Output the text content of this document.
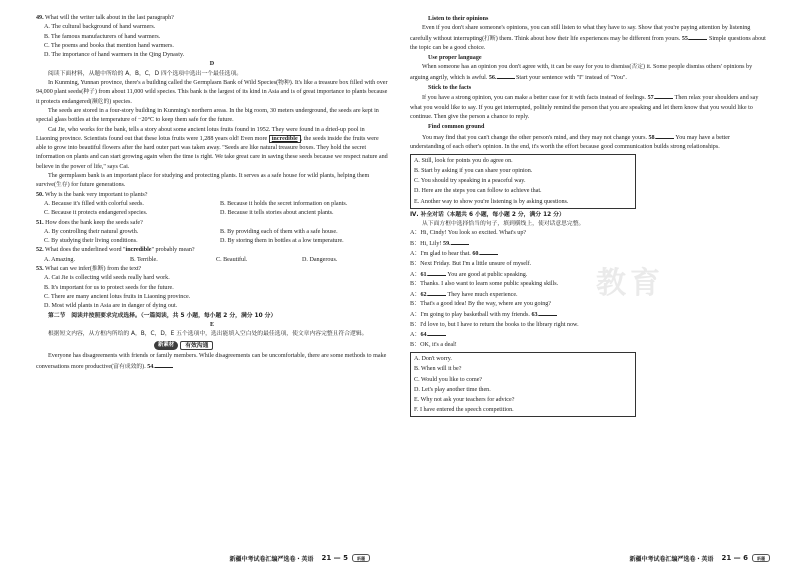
49. What will the writer talk about in the last paragraph?

A. The cultural background of hand warmers.

B. The famous manufacturers of hand warmers.

C. The poems and books that mention hand warmers.

D. The importance of hand warmers in the Qing Dynasty.

D

阅读下面材料，从题中所给的 A，B，C，D 四个选项中选出一个最佳选项。

In Kunming, Yunnan province, there's a building called the Germplasm Bank of Wild Species(物种). It's like a treasure box filled with over 94,000 plant seeds(种子) from about 11,000 wild species. This bank is the largest of its kind in Asia and is of great importance to plants because it protects endangered(濒危的) species.

The seeds are stored in a four-story building in Kunming's northern areas. In the big room, 30 meters underground, the seeds are kept in special glass bottles at the temperature of −20°C to keep them safe for the future.

Cai Jie, who works for the bank, tells a story about some ancient lotus fruits found in 1952. They were found in a dried-up pool in Liaoning province. Scientists found out that these lotus fruits were 1,288 years old! Even more incredible , the seeds inside the fruits were able to grow into beautiful flowers after the hard outer part was taken away. "Seeds are like natural treasure boxes. They hold the secret information on plants and can start growing again when the time is right. We take great care in saving these seeds because we respect nature and believe in the power of life," says Cai.

The germplasm bank is an important place for studying and protecting plants. It serves as a safe house for wild plants, helping them survive(生存) for future generations.

50. Why is the bank very important to plants?

A. Because it's filled with colorful seeds.	B. Because it holds the secret information on plants.
C. Because it protects endangered species.	D. Because it tells stories about ancient plants.

51. How does the bank keep the seeds safe?

A. By controlling their natural growth.	B. By providing each of them with a safe house.
C. By studying their living conditions.	D. By storing them in bottles at a low temperature.

52. What does the underlined word "incredible" probably mean?

A. Amazing.	B. Terrible.	C. Beautiful.	D. Dangerous.

53. What can we infer(推断) from the text?

A. Cai Jie is collecting wild seeds really hard work.

B. It's important for us to protect seeds for the future.

C. There are many ancient lotus fruits in Liaoning province.

D. Most wild plants in Asia are in danger of dying out.

第二节　阅读并按照要求完成选择。（一篇阅读，共 5 小题，每小题 2 分，满分 10 分）

E

根据短文内容，从方框内所给的 A，B，C，D，E 五个选项中，选出能填入空白处的最佳选项，使文章内容完整且符合逻辑。

新素材	有效沟通

Everyone has disagreements with friends or family members. While disagreements can be uncomfortable, there are some methods to make conversations more productive(富有成效的). 54.

新疆中考试卷汇编严选卷・英语 21 — 5	新疆
教育

Listen to their opinions

Even if you don't share someone's opinions, you can still listen to what they have to say. Show that you're paying attention by listening carefully without interrupting(打断) them. Think about how their life experiences may be different from yours. 55.	Simple questions about the topic can be a good choice.

Use proper language

When someone has an opinion you don't agree with, it can be easy for you to dismiss(否定) it. Some people dismiss others' opinions by arguing angrily, which is awful. 56.	Start your sentence with "I" instead of "You".

Stick to the facts

If you have a strong opinion, you can make a better case for it with facts instead of feelings. 57.	Then relax your shoulders and say what you would like to say. If you get interrupted, politely remind the person that you are speaking and let them know that you would like to continue. Then give the person a chance to reply.

Find common ground

You may find that you can't change the other person's mind, and they may not change yours. 58.	You may have a better understanding of each other's opinion. In the end, it's worth the effort because good communication builds strong relationships.

A. Still, look for points you do agree on.

B. Start by asking if you can share your opinion.

C. You should try speaking in a peaceful way.

D. Here are the steps you can follow to achieve that.

E. Another way to show you're listening is by asking questions.

Ⅳ. 补全对话（本题共 6 小题，每小题 2 分，满分 12 分）

从下面方框中选择恰当的句子，填到横线上，使对话意思完整。

A：Hi, Cindy! You look so excited. What's up?

B：Hi, Lily! 59.

A：I'm glad to hear that. 60.

B：Next Friday. But I'm a little unsure of myself.

A：61.	You are good at public speaking.

B：Thanks. I also want to learn some public speaking skills.

A：62.	They have much experience.

B：That's a good idea! By the way, where are you going?

A：I'm going to play basketball with my friends. 63.

B：I'd love to, but I have to return the books to the library right now.

A：64.

B：OK, it's a deal!

A. Don't worry.

B. When will it be?

C. Would you like to come?

D. Let's play another time then.

E. Why not ask your teachers for advice?

F. I have entered the speech competition.

新疆中考试卷汇编严选卷・英语 21 — 6	新疆
